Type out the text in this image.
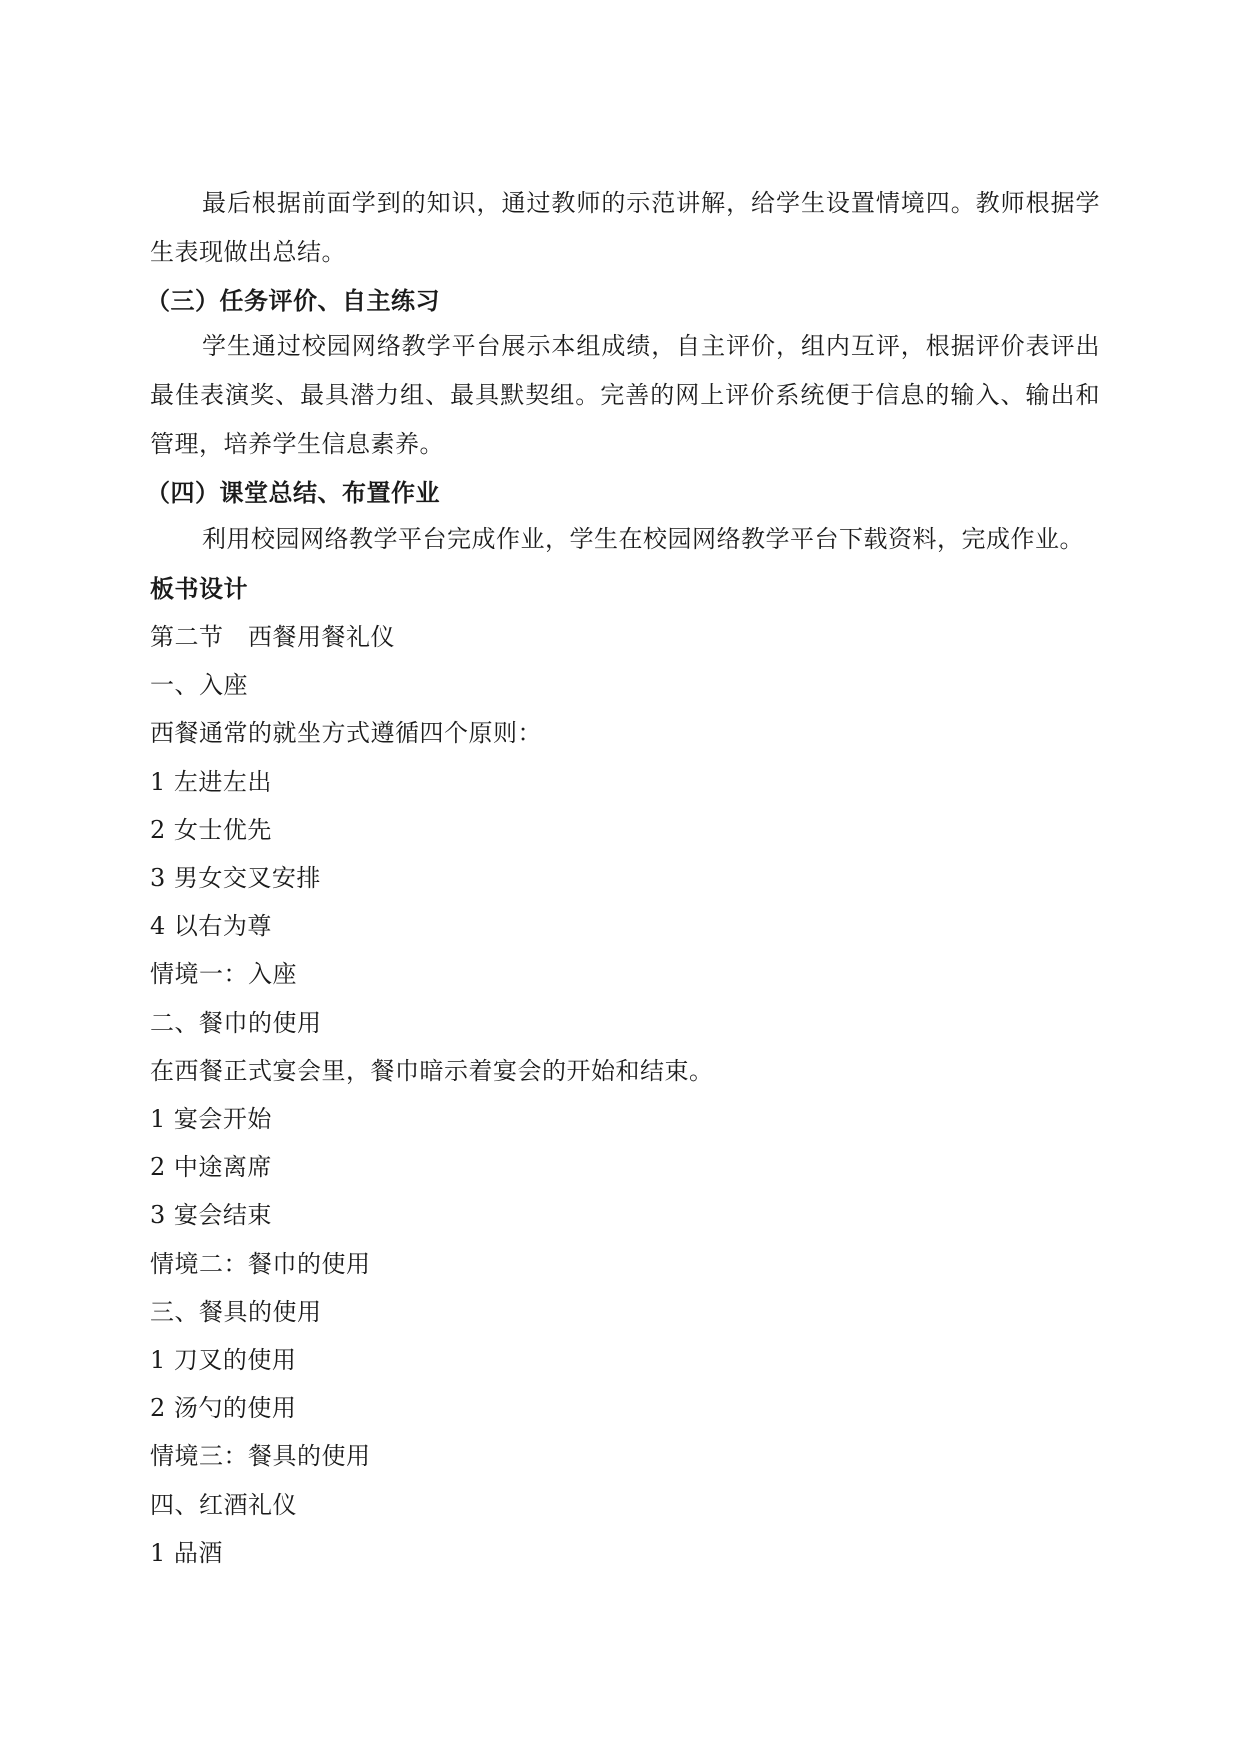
最后根据前面学到的知识，通过教师的示范讲解，给学生设置情境四。教师根据学生表现做出总结。

（三）任务评价、自主练习

学生通过校园网络教学平台展示本组成绩，自主评价，组内互评，根据评价表评出最佳表演奖、最具潜力组、最具默契组。完善的网上评价系统便于信息的输入、输出和管理，培养学生信息素养。

（四）课堂总结、布置作业

利用校园网络教学平台完成作业，学生在校园网络教学平台下载资料，完成作业。

板书设计
第二节　西餐用餐礼仪
一、入座
西餐通常的就坐方式遵循四个原则：
1 左进左出
2 女士优先
3 男女交叉安排
4 以右为尊
情境一：入座
二、餐巾的使用
在西餐正式宴会里，餐巾暗示着宴会的开始和结束。
1 宴会开始
2 中途离席
3 宴会结束
情境二：餐巾的使用
三、餐具的使用
1 刀叉的使用
2 汤勺的使用
情境三：餐具的使用
四、红酒礼仪
1 品酒
